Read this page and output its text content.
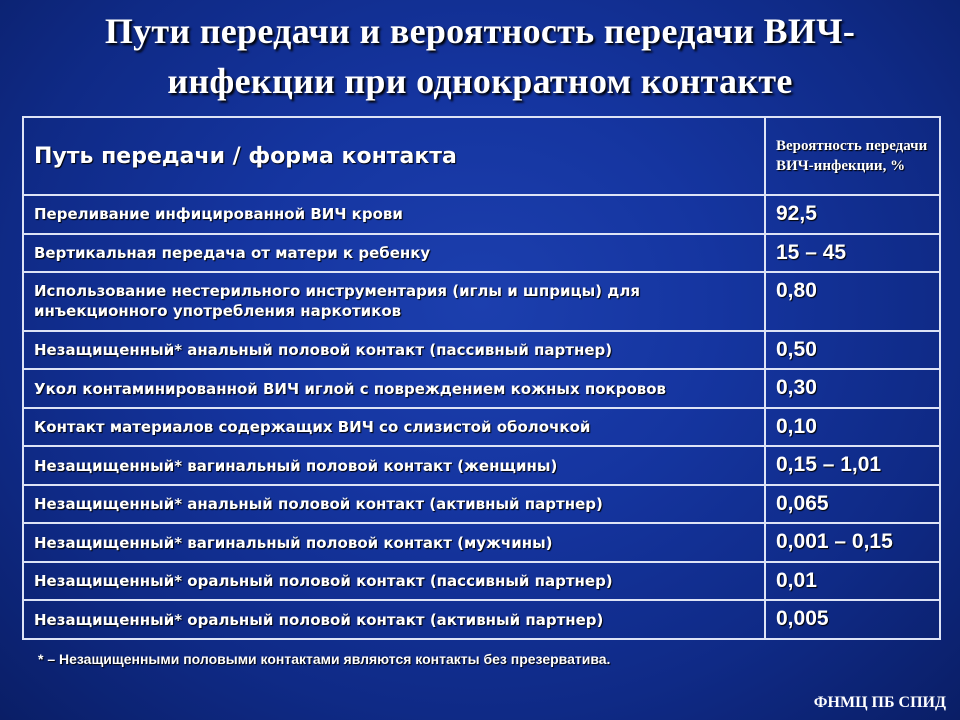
Пути передачи и вероятность передачи ВИЧ-
инфекции при однократном контакте
Путь передачи / форма контакта	Вероятность передачи ВИЧ-инфекции, %
Переливание инфицированной ВИЧ крови	92,5
Вертикальная передача от матери к ребенку	15 – 45
Использование нестерильного инструментария (иглы и шприцы) для инъекционного употребления наркотиков	0,80
Незащищенный* анальный половой контакт (пассивный партнер)	0,50
Укол контаминированной ВИЧ иглой с повреждением кожных покровов	0,30
Контакт материалов содержащих ВИЧ со слизистой оболочкой	0,10
Незащищенный* вагинальный половой контакт (женщины)	0,15 – 1,01
Незащищенный* анальный половой контакт (активный партнер)	0,065
Незащищенный* вагинальный половой контакт (мужчины)	0,001 – 0,15
Незащищенный* оральный половой контакт (пассивный партнер)	0,01
Незащищенный* оральный половой контакт (активный партнер)	0,005
* – Незащищенными половыми контактами являются контакты без презерватива.
ФНМЦ ПБ СПИД
